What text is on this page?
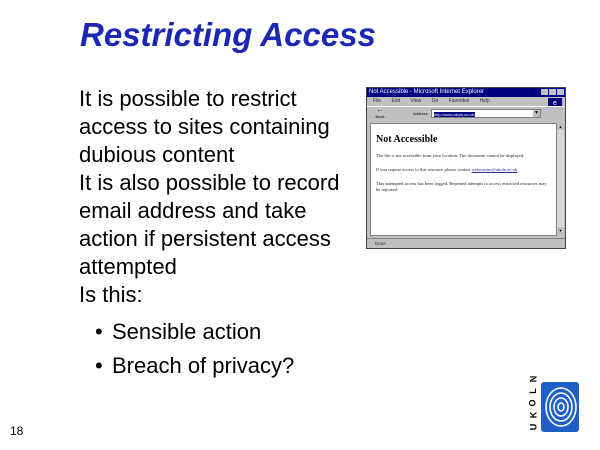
Restricting Access

It is possible to restrict access to sites containing dubious content

It is also possible to record email address and take action if persistent access attempted

Is this:

• Sensible action
• Breach of privacy?
Not Accessible - Microsoft Internet Explorer
File Edit View Go Favorites Help	e
←
Back
Address	http://www.ukoln.ac.uk/	▼
Not Accessible
The file is not accessible from your location. The document cannot be displayed.
If you require access to this resource please contact webmaster@ukoln.ac.uk
This attempted access has been logged. Repeated attempts to access restricted resources may be reported.
▲
▼
Done
18
N
L
O
K
U
